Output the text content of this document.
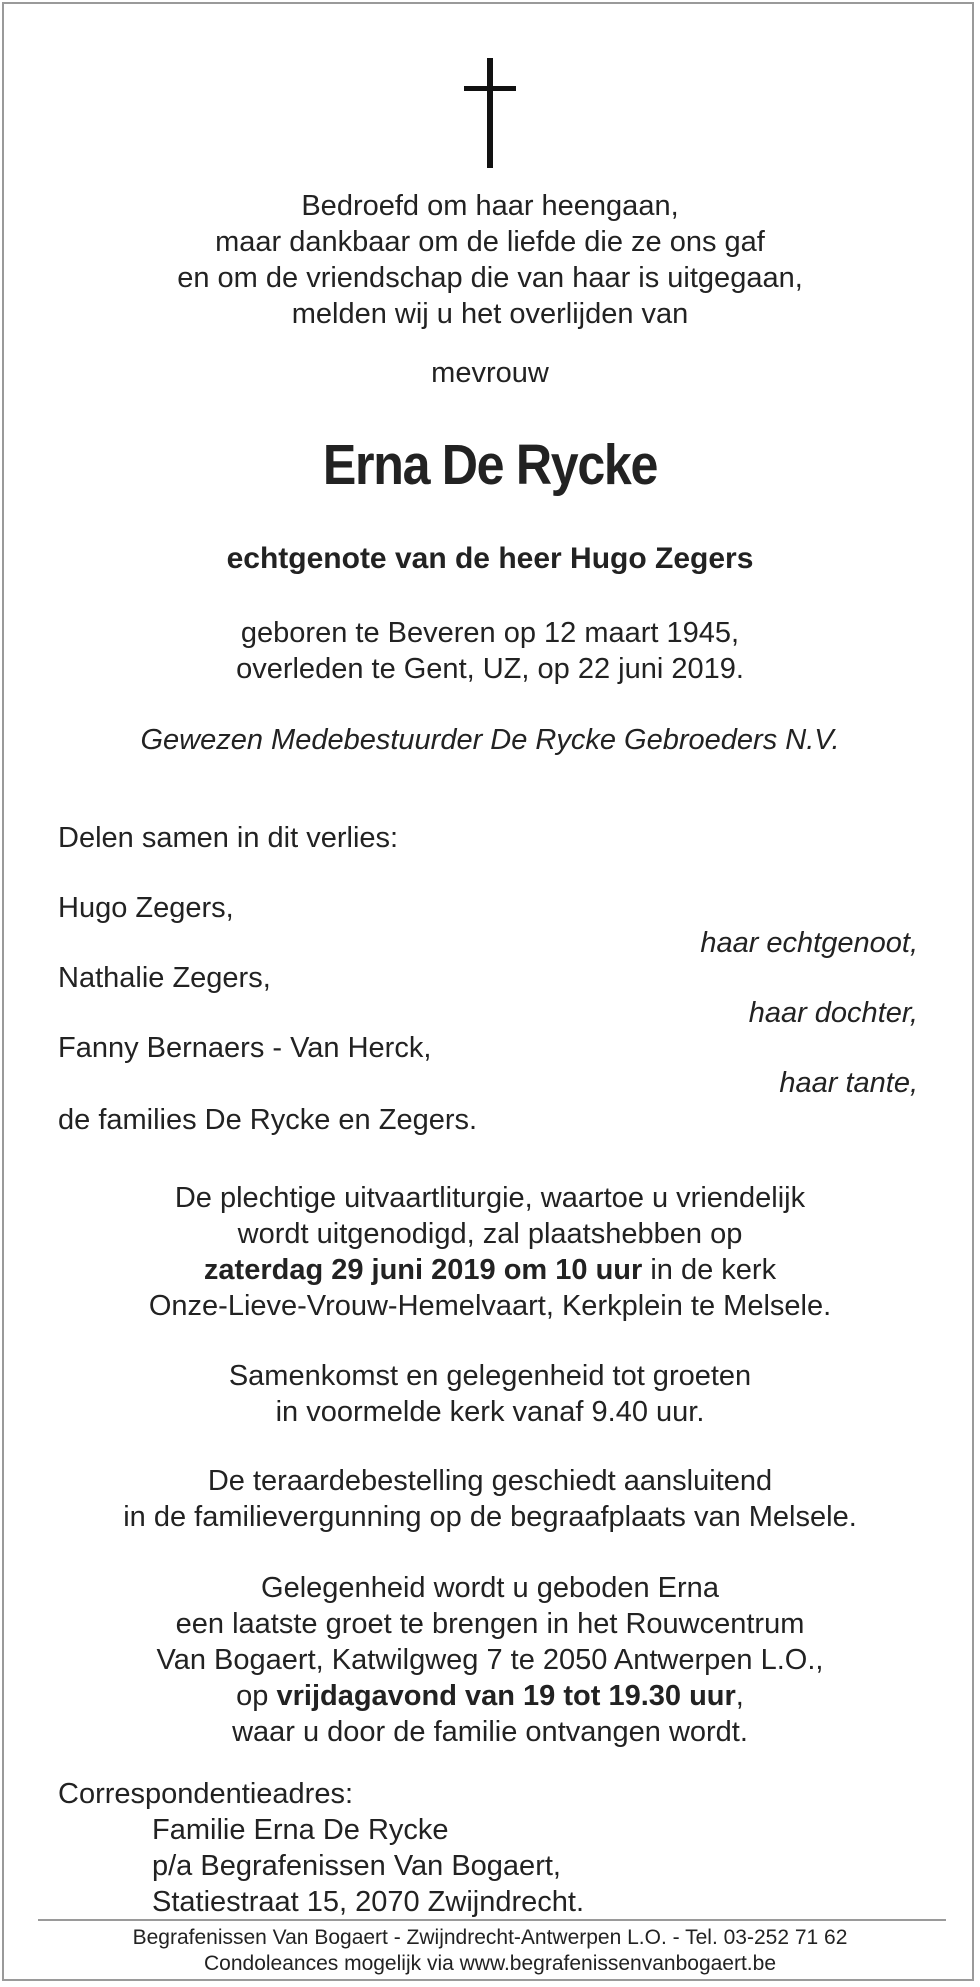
Bedroefd om haar heengaan,
maar dankbaar om de liefde die ze ons gaf
en om de vriendschap die van haar is uitgegaan,
melden wij u het overlijden van
mevrouw
Erna De Rycke
echtgenote van de heer Hugo Zegers
geboren te Beveren op 12 maart 1945,
overleden te Gent, UZ, op 22 juni 2019.
Gewezen Medebestuurder De Rycke Gebroeders N.V.
Delen samen in dit verlies:
Hugo Zegers,
haar echtgenoot,
Nathalie Zegers,
haar dochter,
Fanny Bernaers - Van Herck,
haar tante,
de families De Rycke en Zegers.
De plechtige uitvaartliturgie, waartoe u vriendelijk
wordt uitgenodigd, zal plaatshebben op
zaterdag 29 juni 2019 om 10 uur in de kerk
Onze-Lieve-Vrouw-Hemelvaart, Kerkplein te Melsele.
Samenkomst en gelegenheid tot groeten
in voormelde kerk vanaf 9.40 uur.
De teraardebestelling geschiedt aansluitend
in de familievergunning op de begraafplaats van Melsele.
Gelegenheid wordt u geboden Erna
een laatste groet te brengen in het Rouwcentrum
Van Bogaert, Katwilgweg 7 te 2050 Antwerpen L.O.,
op vrijdagavond van 19 tot 19.30 uur,
waar u door de familie ontvangen wordt.
Correspondentieadres:
Familie Erna De Rycke
p/a Begrafenissen Van Bogaert,
Statiestraat 15, 2070 Zwijndrecht.
Begrafenissen Van Bogaert - Zwijndrecht-Antwerpen L.O. - Tel. 03-252 71 62
Condoleances mogelijk via www.begrafenissenvanbogaert.be
